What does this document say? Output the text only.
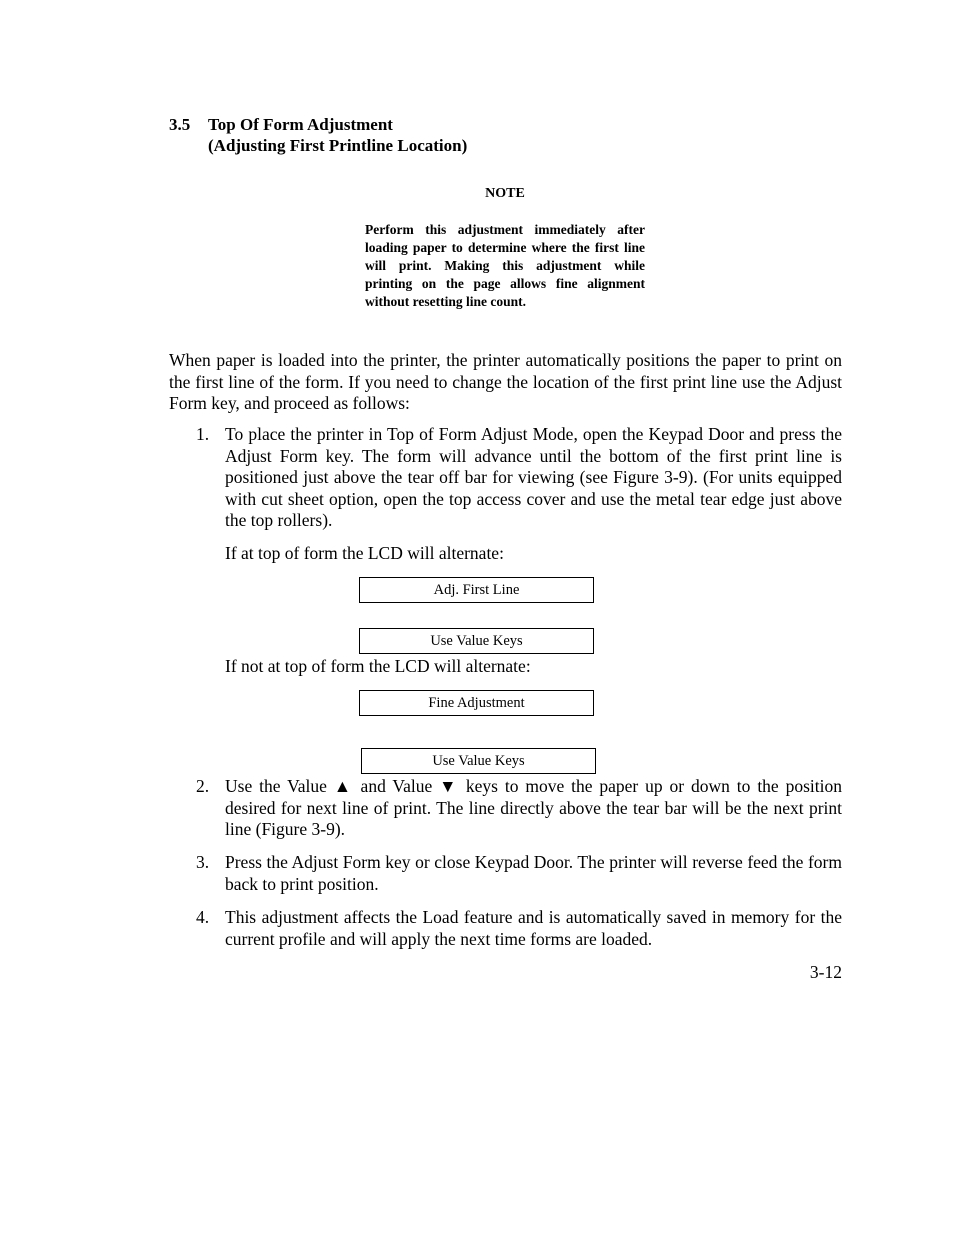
3.5 Top Of Form Adjustment
(Adjusting First Printline Location)
NOTE

Perform this adjustment immediately after loading paper to determine where the first line will print. Making this adjustment while printing on the page allows fine alignment without resetting line count.

When paper is loaded into the printer, the printer automatically positions the paper to print on the first line of the form. If you need to change the location of the first print line use the Adjust Form key, and proceed as follows:

1. To place the printer in Top of Form Adjust Mode, open the Keypad Door and press the Adjust Form key. The form will advance until the bottom of the first print line is positioned just above the tear off bar for viewing (see Figure 3-9). (For units equipped with cut sheet option, open the top access cover and use the metal tear edge just above the top rollers).

If at top of form the LCD will alternate:
Adj. First Line
Use Value Keys
If not at top of form the LCD will alternate:
Fine Adjustment
Use Value Keys
2. Use the Value ▲ and Value ▼ keys to move the paper up or down to the position desired for next line of print. The line directly above the tear bar will be the next print line (Figure 3-9).

3. Press the Adjust Form key or close Keypad Door. The printer will reverse feed the form back to print position.

4. This adjustment affects the Load feature and is automatically saved in memory for the current profile and will apply the next time forms are loaded.

3-12
